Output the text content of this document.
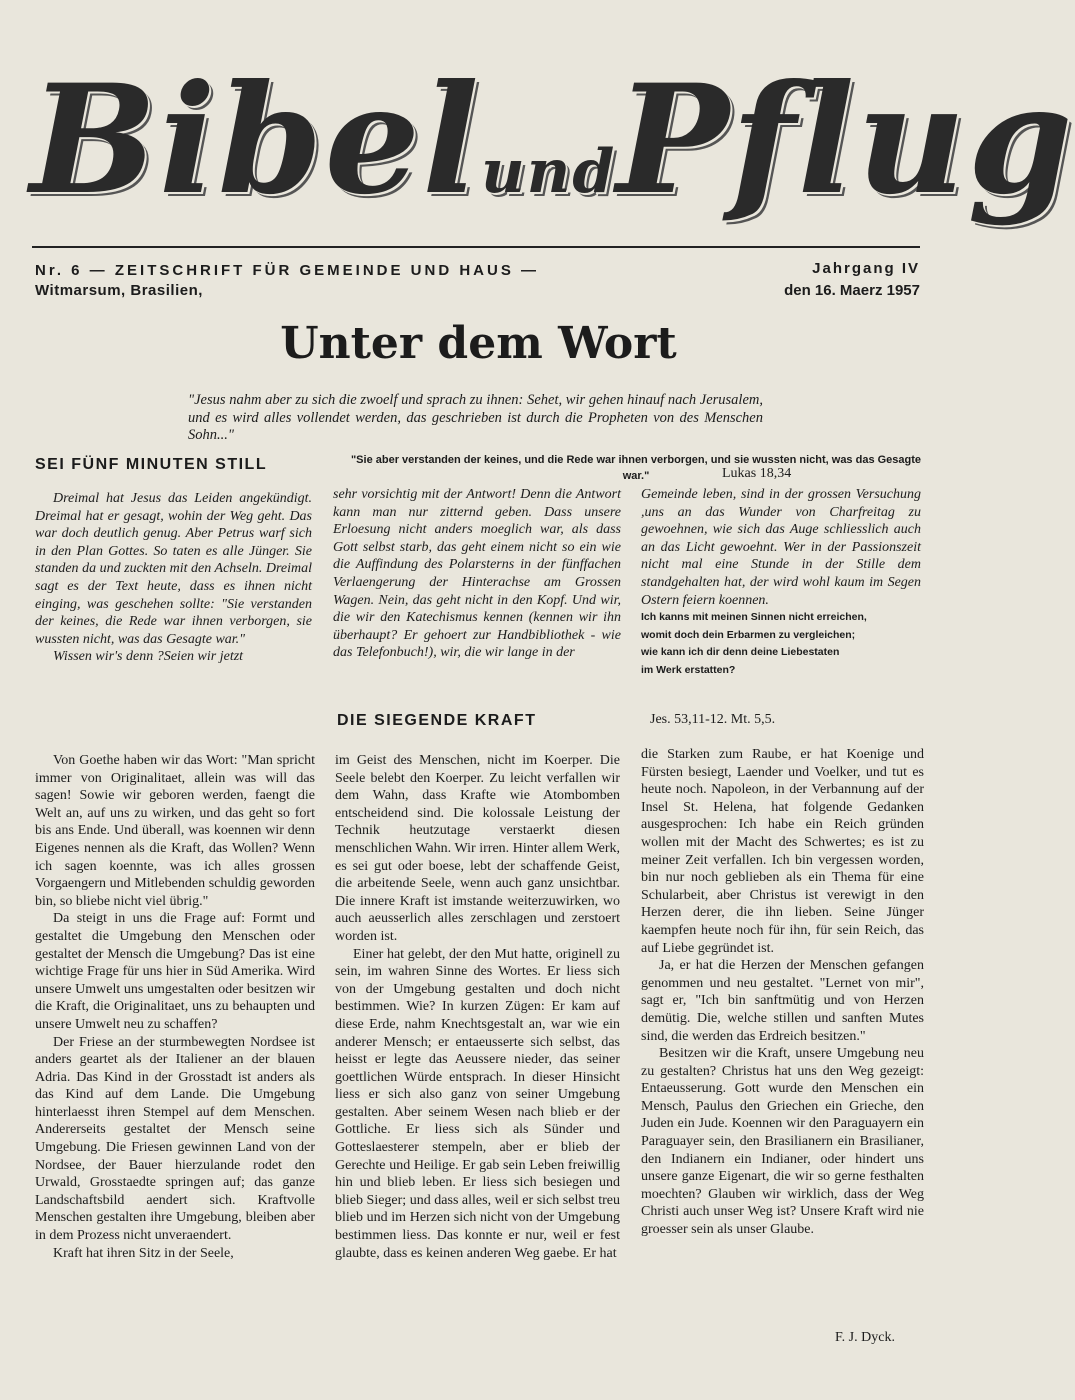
BibelundPflug
Nr. 6 — ZEITSCHRIFT FÜR GEMEINDE UND HAUS —
Witmarsum, Brasilien,
Jahrgang IV
den 16. Maerz 1957
Unter dem Wort
"Jesus nahm aber zu sich die zwoelf und sprach zu ihnen: Sehet, wir gehen hinauf nach Jerusalem, und es wird alles vollendet werden, das geschrieben ist durch die Propheten von des Menschen Sohn..."
"Sie aber verstanden der keines, und die Rede war ihnen verborgen, und sie wussten nicht, was das Gesagte war."	Lukas 18,34
SEI FÜNF MINUTEN STILL

Dreimal hat Jesus das Leiden angekündigt. Dreimal hat er gesagt, wohin der Weg geht. Das war doch deutlich genug. Aber Petrus warf sich in den Plan Gottes. So taten es alle Jünger. Sie standen da und zuckten mit den Achseln. Dreimal sagt es der Text heute, dass es ihnen nicht einging, was geschehen sollte: "Sie verstanden der keines, die Rede war ihnen verborgen, sie wussten nicht, was das Gesagte war."

Wissen wir's denn ?Seien wir jetzt

sehr vorsichtig mit der Antwort! Denn die Antwort kann man nur zitternd geben. Dass unsere Erloesung nicht anders moeglich war, als dass Gott selbst starb, das geht einem nicht so ein wie die Auffindung des Polarsterns in der fünffachen Verlaengerung der Hinterachse am Grossen Wagen. Nein, das geht nicht in den Kopf. Und wir, die wir den Katechismus kennen (kennen wir ihn überhaupt? Er gehoert zur Handbibliothek - wie das Telefonbuch!), wir, die wir lange in der

Gemeinde leben, sind in der grossen Versuchung ,uns an das Wunder von Charfreitag zu gewoehnen, wie sich das Auge schliesslich auch an das Licht gewoehnt. Wer in der Passionszeit nicht mal eine Stunde in der Stille dem standgehalten hat, der wird wohl kaum im Segen Ostern feiern koennen.

Ich kanns mit meinen Sinnen nicht erreichen,
womit doch dein Erbarmen zu vergleichen;
wie kann ich dir denn deine Liebestaten
im Werk erstatten?
DIE SIEGENDE KRAFT	Jes. 53,11-12. Mt. 5,5.

Von Goethe haben wir das Wort: "Man spricht immer von Originalitaet, allein was will das sagen! Sowie wir geboren werden, faengt die Welt an, auf uns zu wirken, und das geht so fort bis ans Ende. Und überall, was koennen wir denn Eigenes nennen als die Kraft, das Wollen? Wenn ich sagen koennte, was ich alles grossen Vorgaengern und Mitlebenden schuldig geworden bin, so bliebe nicht viel übrig."

Da steigt in uns die Frage auf: Formt und gestaltet die Umgebung den Menschen oder gestaltet der Mensch die Umgebung? Das ist eine wichtige Frage für uns hier in Süd Amerika. Wird unsere Umwelt uns umgestalten oder besitzen wir die Kraft, die Originalitaet, uns zu behaupten und unsere Umwelt neu zu schaffen?

Der Friese an der sturmbewegten Nordsee ist anders geartet als der Italiener an der blauen Adria. Das Kind in der Grosstadt ist anders als das Kind auf dem Lande. Die Umgebung hinterlaesst ihren Stempel auf dem Menschen. Andererseits gestaltet der Mensch seine Umgebung. Die Friesen gewinnen Land von der Nordsee, der Bauer hierzulande rodet den Urwald, Grosstaedte springen auf; das ganze Landschaftsbild aendert sich. Kraftvolle Menschen gestalten ihre Umgebung, bleiben aber in dem Prozess nicht unveraendert.

Kraft hat ihren Sitz in der Seele,

im Geist des Menschen, nicht im Koerper. Die Seele belebt den Koerper. Zu leicht verfallen wir dem Wahn, dass Krafte wie Atombomben entscheidend sind. Die kolossale Leistung der Technik heutzutage verstaerkt diesen menschlichen Wahn. Wir irren. Hinter allem Werk, es sei gut oder boese, lebt der schaffende Geist, die arbeitende Seele, wenn auch ganz unsichtbar. Die innere Kraft ist imstande weiterzuwirken, wo auch aeusserlich alles zerschlagen und zerstoert worden ist.

Einer hat gelebt, der den Mut hatte, originell zu sein, im wahren Sinne des Wortes. Er liess sich von der Umgebung gestalten und doch nicht bestimmen. Wie? In kurzen Zügen: Er kam auf diese Erde, nahm Knechtsgestalt an, war wie ein anderer Mensch; er entaeusserte sich selbst, das heisst er legte das Aeussere nieder, das seiner goettlichen Würde entsprach. In dieser Hinsicht liess er sich also ganz von seiner Umgebung gestalten. Aber seinem Wesen nach blieb er der Gottliche. Er liess sich als Sünder und Gotteslaesterer stempeln, aber er blieb der Gerechte und Heilige. Er gab sein Leben freiwillig hin und blieb leben. Er liess sich besiegen und blieb Sieger; und dass alles, weil er sich selbst treu blieb und im Herzen sich nicht von der Umgebung bestimmen liess. Das konnte er nur, weil er fest glaubte, dass es keinen anderen Weg gaebe. Er hat

die Starken zum Raube, er hat Koenige und Fürsten besiegt, Laender und Voelker, und tut es heute noch. Napoleon, in der Verbannung auf der Insel St. Helena, hat folgende Gedanken ausgesprochen: Ich habe ein Reich gründen wollen mit der Macht des Schwertes; es ist zu meiner Zeit verfallen. Ich bin vergessen worden, bin nur noch geblieben als ein Thema für eine Schularbeit, aber Christus ist verewigt in den Herzen derer, die ihn lieben. Seine Jünger kaempfen heute noch für ihn, für sein Reich, das auf Liebe gegründet ist.

Ja, er hat die Herzen der Menschen gefangen genommen und neu gestaltet. "Lernet von mir", sagt er, "Ich bin sanftmütig und von Herzen demütig. Die, welche stillen und sanften Mutes sind, die werden das Erdreich besitzen."

Besitzen wir die Kraft, unsere Umgebung neu zu gestalten? Christus hat uns den Weg gezeigt: Entaeusserung. Gott wurde den Menschen ein Mensch, Paulus den Griechen ein Grieche, den Juden ein Jude. Koennen wir den Paraguayern ein Paraguayer sein, den Brasilianern ein Brasilianer, den Indianern ein Indianer, oder hindert uns unsere ganze Eigenart, die wir so gerne festhalten moechten? Glauben wir wirklich, dass der Weg Christi auch unser Weg ist? Unsere Kraft wird nie groesser sein als unser Glaube.

F. J. Dyck.
